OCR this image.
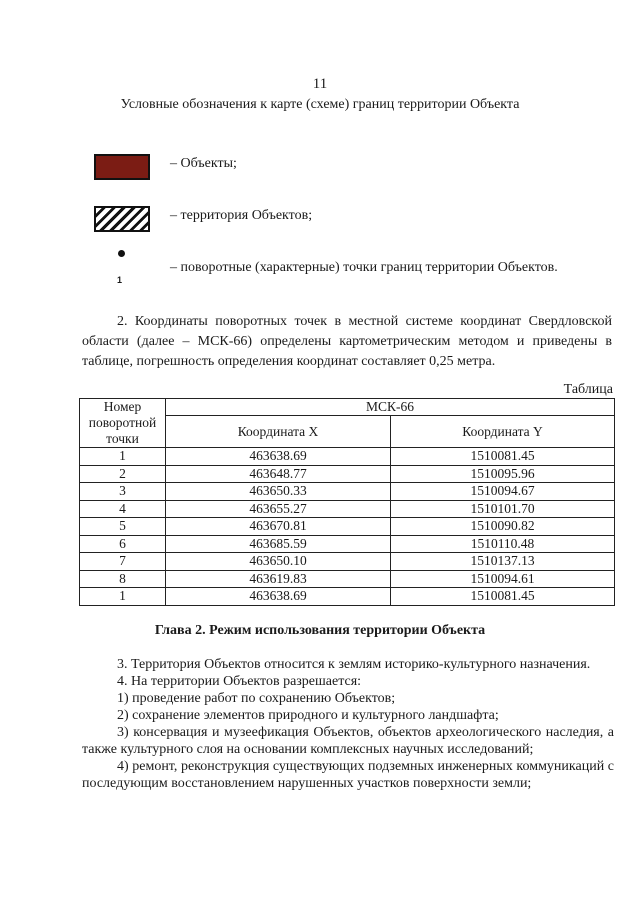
11
Условные обозначения к карте (схеме) границ территории Объекта
– Объекты;
– территория Объектов;
1
– поворотные (характерные) точки границ территории Объектов.
2. Координаты поворотных точек в местной системе координат Свердловской области (далее – МСК-66) определены картометрическим методом и приведены в таблице, погрешность определения координат составляет 0,25 метра.
Таблица
Номер поворотной точки	МСК-66	
	Координата X	Координата Y
1	463638.69	1510081.45
2	463648.77	1510095.96
3	463650.33	1510094.67
4	463655.27	1510101.70
5	463670.81	1510090.82
6	463685.59	1510110.48
7	463650.10	1510137.13
8	463619.83	1510094.61
1	463638.69	1510081.45
Глава 2. Режим использования территории Объекта
3. Территория Объектов относится к землям историко-культурного назначения.
4. На территории Объектов разрешается:
1) проведение работ по сохранению Объектов;
2) сохранение элементов природного и культурного ландшафта;
3) консервация и музеефикация Объектов, объектов археологического наследия, а также культурного слоя на основании комплексных научных исследований;
4) ремонт, реконструкция существующих подземных инженерных коммуникаций с последующим восстановлением нарушенных участков поверхности земли;
